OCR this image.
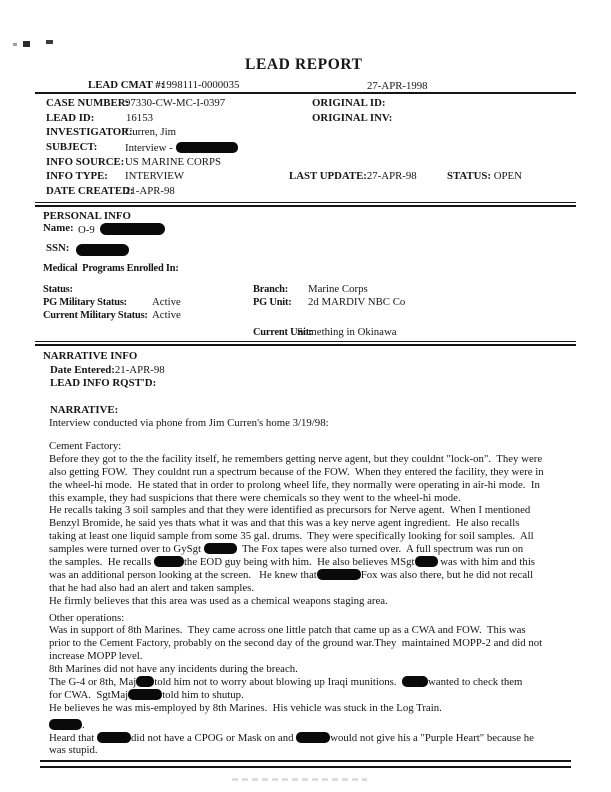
LEAD REPORT
LEAD CMAT #:
1998111-0000035	27-APR-1998
CASE NUMBER:
97330-CW-MC-I-0397	ORIGINAL ID:
LEAD ID:	16153	ORIGINAL INV:
INVESTIGATOR:
Curren, Jim
SUBJECT:	Interview -
INFO SOURCE: US MARINE CORPS
INFO TYPE: INTERVIEW	LAST UPDATE:27-APR-98	STATUS: OPEN
DATE CREATED:
21-APR-98
PERSONAL INFO
Name: O-9
SSN:
Medical  Programs Enrolled In:
Status:	Branch: Marine Corps
PG Military Status: Active	PG Unit: 2d MARDIV NBC Co
Current Military Status: Active
Current Unit:
Something in Okinawa
NARRATIVE INFO
Date Entered:21-APR-98
LEAD INFO RQST'D:
NARRATIVE:
Interview conducted via phone from Jim Curren's home 3/19/98:
Cement Factory:
Before they got to the the facility itself, he remembers getting nerve agent, but they couldnt "lock-on".  They were
also getting FOW.  They couldnt run a spectrum because of the FOW.  When they entered the facility, they were in
the wheel-hi mode.  He stated that in order to prolong wheel life, they normally were operating in air-hi mode.  In
this example, they had suspicions that there were chemicals so they went to the wheel-hi mode.
He recalls taking 3 soil samples and that they were identified as precursors for Nerve agent.  When I mentioned
Benzyl Bromide, he said yes thats what it was and that this was a key nerve agent ingredient.  He also recalls
taking at least one liquid sample from some 35 gal. drums.  They were specifically looking for soil samples.  All
samples were turned over to GySgt	The Fox tapes were also turned over.  A full spectrum was run on
the samples.  He recalls	the EOD guy being with him.  He also believes MSgt was with him and this
was an additional person looking at the screen.   He knew that	Fox was also there, but he did not recall
that he had also had an alert and taken samples.
He firmly believes that this area was used as a chemical weapons staging area.
Other operations:
Was in support of 8th Marines.  They came across one little patch that came up as a CWA and FOW.  This was
prior to the Cement Factory, probably on the second day of the ground war.They  maintained MOPP-2 and did not
increase MOPP level.
8th Marines did not have any incidents during the breach.
The G-4 or 8th, Maj told him not to worry about blowing up Iraqi munitions.  wanted to check them
for CWA.  SgtMaj	told him to shutup.
He believes he was mis-employed by 8th Marines.  His vehicle was stuck in the Log Train.
.
Heard that	did not have a CPOG or Mask on and	would not give his a "Purple Heart" because he
was stupid.
